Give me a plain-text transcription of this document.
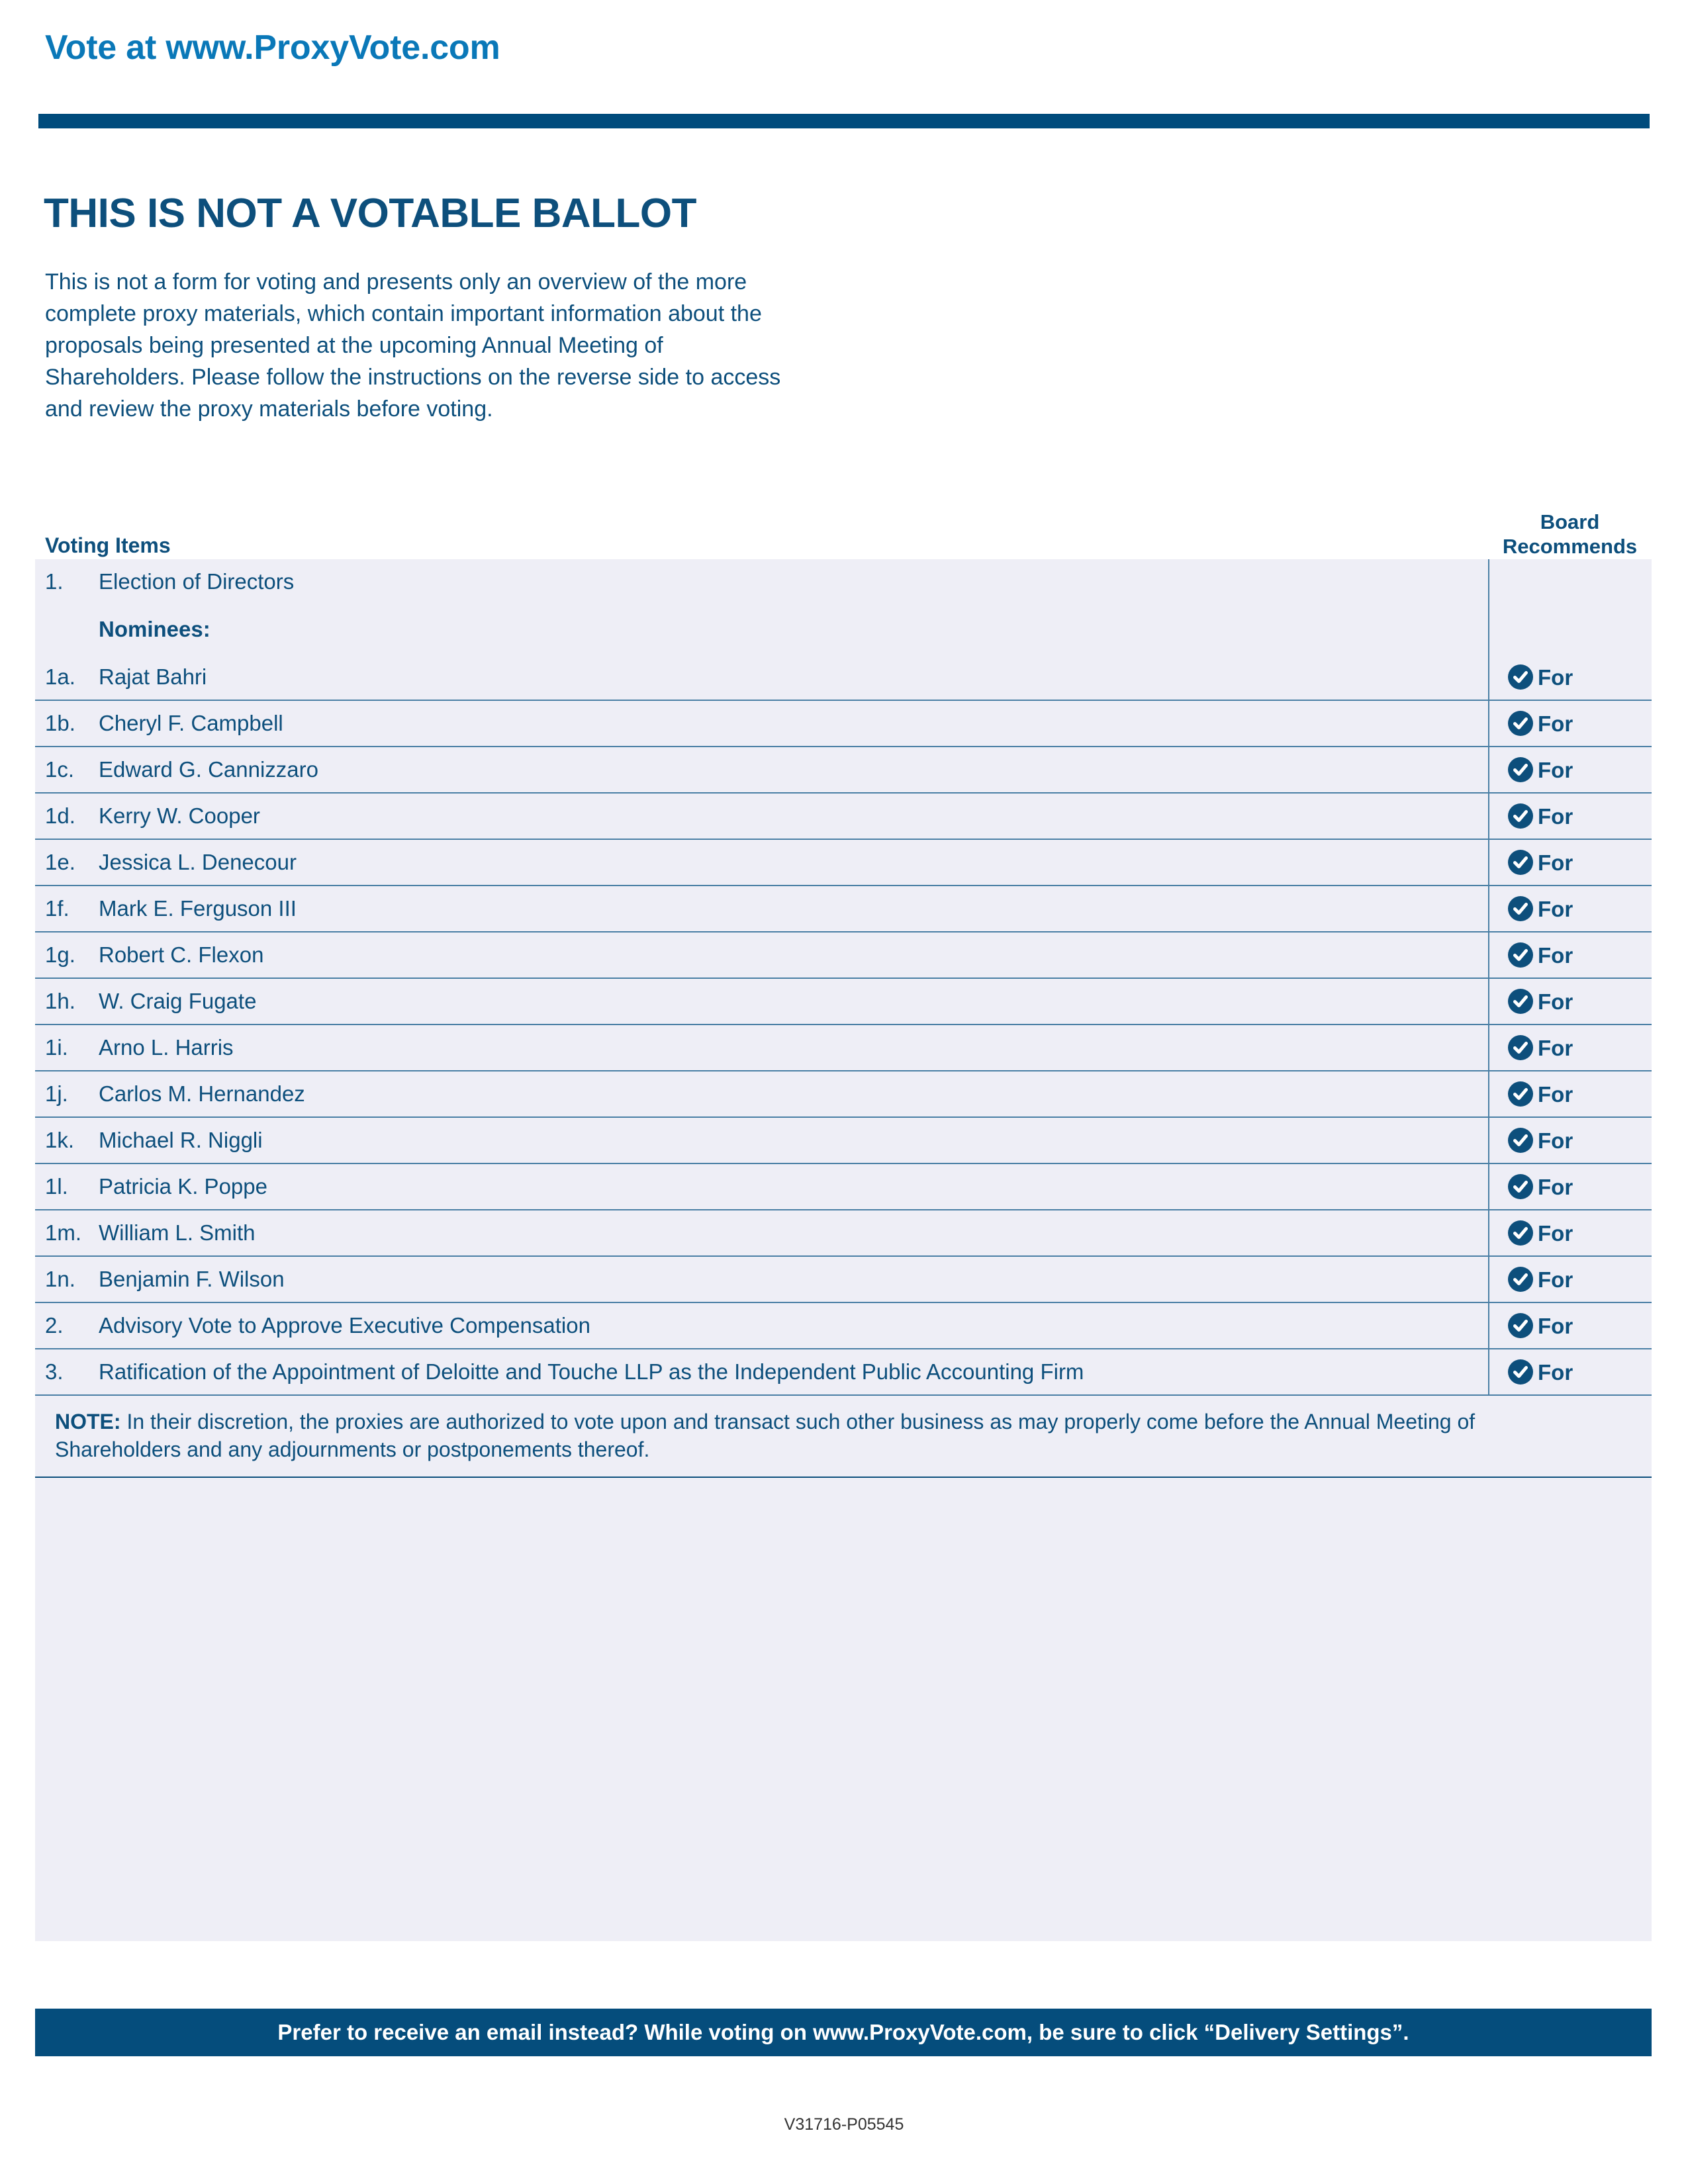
Vote at www.ProxyVote.com
THIS IS NOT A VOTABLE BALLOT

This is not a form for voting and presents only an overview of the more complete proxy materials, which contain important information about the proposals being presented at the upcoming Annual Meeting of Shareholders. Please follow the instructions on the reverse side to access and review the proxy materials before voting.

Voting Items
Board
Recommends
1.	Election of Directors
Nominees:
1a.	Rajat Bahri	For
1b.	Cheryl F. Campbell	For
1c.	Edward G. Cannizzaro	For
1d.	Kerry W. Cooper	For
1e.	Jessica L. Denecour	For
1f.	Mark E. Ferguson III	For
1g.	Robert C. Flexon	For
1h.	W. Craig Fugate	For
1i.	Arno L. Harris	For
1j.	Carlos M. Hernandez	For
1k.	Michael R. Niggli	For
1l.	Patricia K. Poppe	For
1m. William L. Smith	For
1n.	Benjamin F. Wilson	For
2.	Advisory Vote to Approve Executive Compensation	For
3.	Ratification of the Appointment of Deloitte and Touche LLP as the Independent Public Accounting Firm	For
NOTE: In their discretion, the proxies are authorized to vote upon and transact such other business as may properly come before the Annual Meeting of Shareholders and any adjournments or postponements thereof.
Prefer to receive an email instead? While voting on www.ProxyVote.com, be sure to click “Delivery Settings”.
V31716-P05545
